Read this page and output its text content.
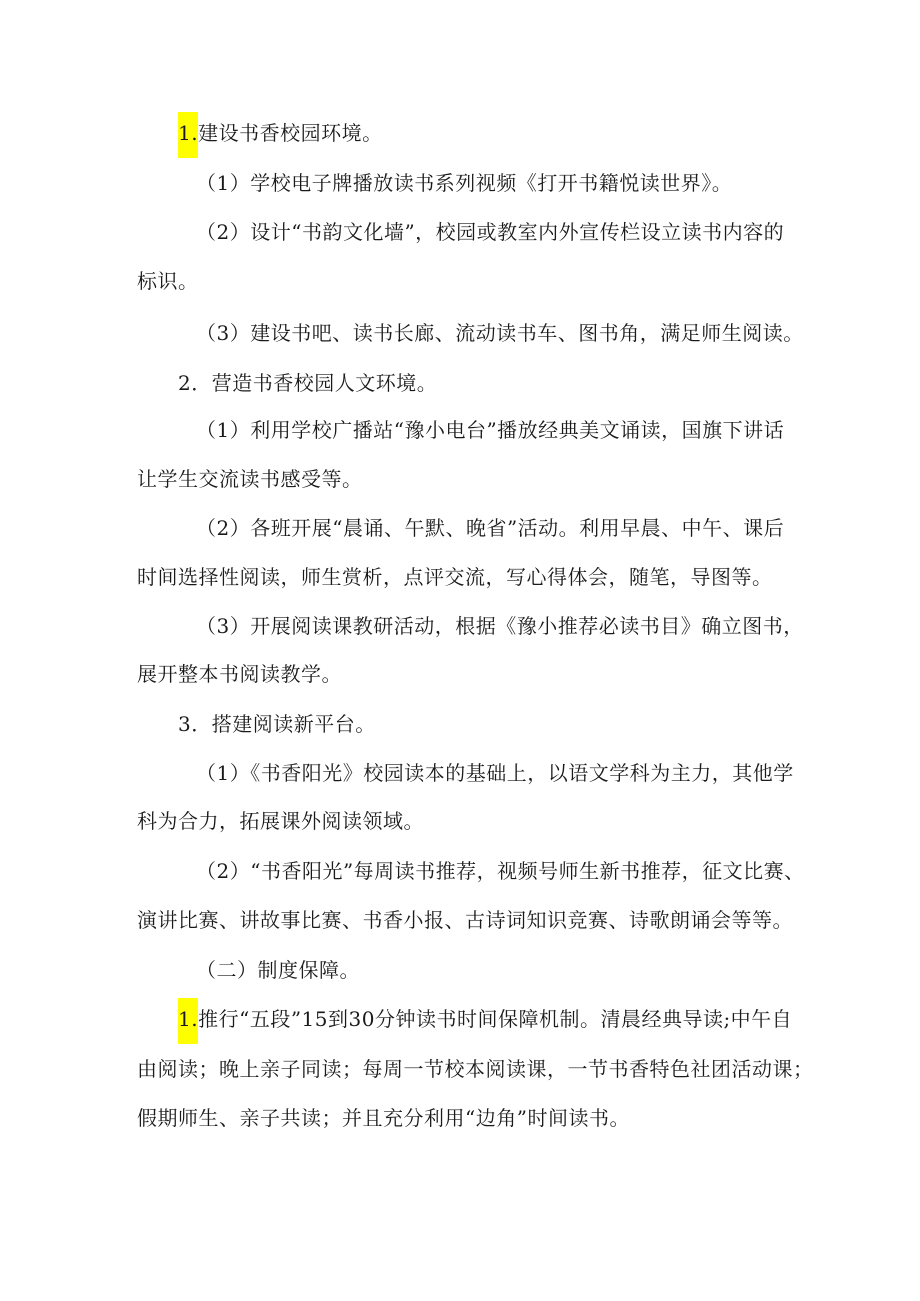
1.建设书香校园环境。
（1）学校电子牌播放读书系列视频《打开书籍悦读世界》。
（2）设计“书韵文化墙”，校园或教室内外宣传栏设立读书内容的
标识。
（3）建设书吧、读书长廊、流动读书车、图书角，满足师生阅读。
2．营造书香校园人文环境。
（1）利用学校广播站“豫小电台”播放经典美文诵读，国旗下讲话
让学生交流读书感受等。
（2）各班开展“晨诵、午默、晚省”活动。利用早晨、中午、课后
时间选择性阅读，师生赏析，点评交流，写心得体会，随笔，导图等。
（3）开展阅读课教研活动，根据《豫小推荐必读书目》确立图书，
展开整本书阅读教学。
3．搭建阅读新平台。
（1）《书香阳光》校园读本的基础上，以语文学科为主力，其他学
科为合力，拓展课外阅读领域。
（2）“书香阳光”每周读书推荐，视频号师生新书推荐，征文比赛、
演讲比赛、讲故事比赛、书香小报、古诗词知识竞赛、诗歌朗诵会等等。
（二）制度保障。
1.推行“五段”15到30分钟读书时间保障机制。清晨经典导读;中午自
由阅读；晚上亲子同读；每周一节校本阅读课，一节书香特色社团活动课；
假期师生、亲子共读；并且充分利用“边角”时间读书。
